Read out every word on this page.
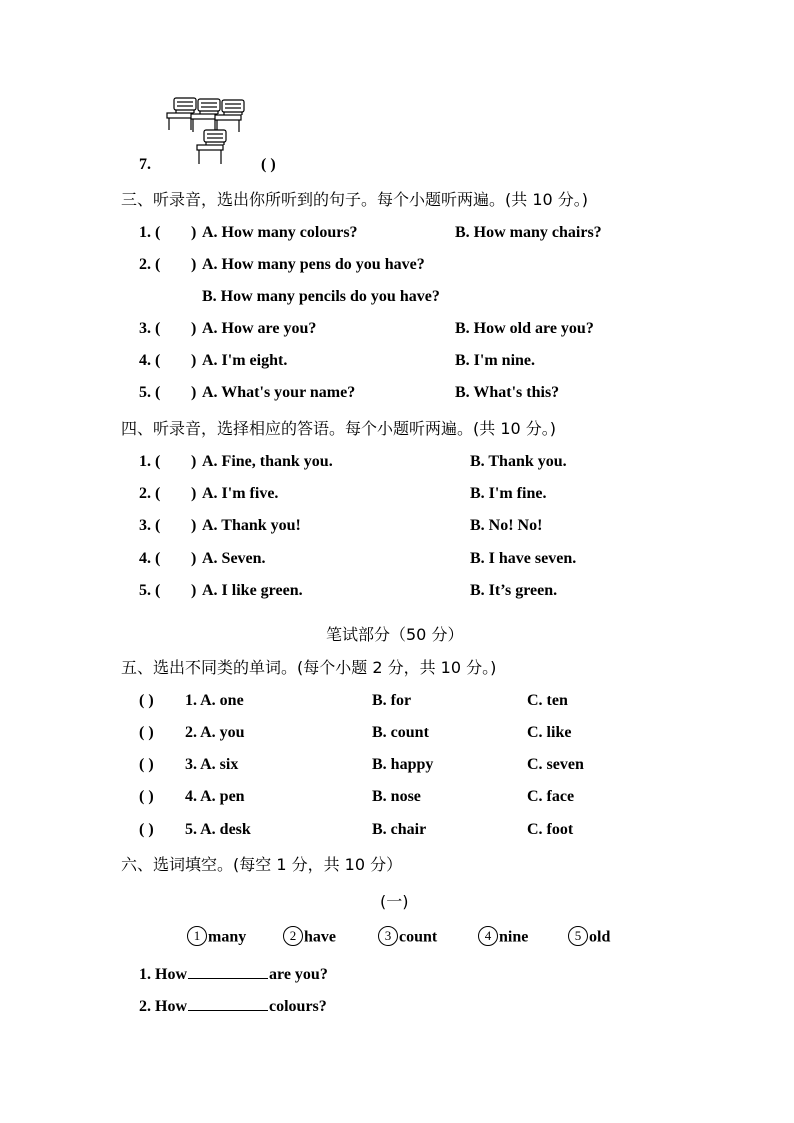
7.	( )
三、听录音，选出你所听到的句子。每个小题听两遍。(共 10 分。)
1. ( ) A. How many colours?	B. How many chairs?
2. ( ) A. How many pens do you have?
B. How many pencils do you have?
3. ( ) A. How are you?	B. How old are you?
4. ( ) A. I'm eight.	B. I'm nine.
5. ( ) A. What's your name?	B. What's this?
四、听录音，选择相应的答语。每个小题听两遍。(共 10 分。)
1. ( ) A. Fine, thank you.	B. Thank you.
2. ( ) A. I'm five.	B. I'm fine.
3. ( ) A. Thank you!	B. No! No!
4. ( ) A. Seven.	B. I have seven.
5. ( ) A. I like green.	B. It’s green.
笔试部分（50 分）
五、选出不同类的单词。(每个小题 2 分，共 10 分。)
( ) 1. A. one	B. for	C. ten
( ) 2. A. you	B. count	C. like
( ) 3. A. six	B. happy	C. seven
( ) 4. A. pen	B. nose	C. face
( ) 5. A. desk	B. chair	C. foot
六、选词填空。(每空 1 分，共 10 分）
(一)
1 many	2 have	3 count	4 nine	5 old
1. How	are you?
2. How	colours?
